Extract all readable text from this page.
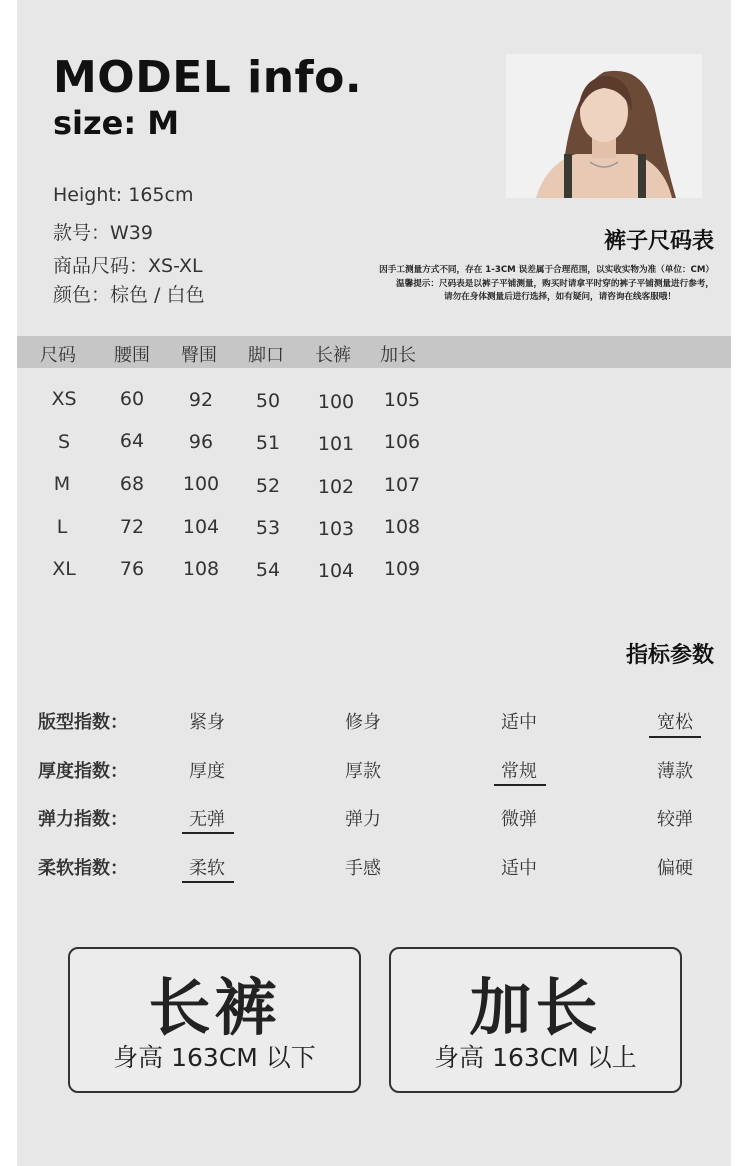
MODEL info.
size: M
Height: 165cm
款号：W39
商品尺码：XS-XL
颜色：棕色 / 白色
裤子尺码表
因手工测量方式不同，存在 1-3CM 误差属于合理范围，以实收实物为准（单位：CM）
温馨提示：尺码表是以裤子平铺测量，购买时请拿平时穿的裤子平铺测量进行参考，
请勿在身体测量后进行选择，如有疑问，请咨询在线客服哦！
尺码 腰围 臀围 脚口 长裤 加长
XS	60	92	50	100	105
S	64	96	51	101	106
M	68	100	52	102	107
L	72	104	53	103	108
XL	76	108	54	104	109
指标参数
版型指数：	紧身	修身	适中	宽松
厚度指数：	厚度	厚款	常规	薄款
弹力指数：	无弹	弹力	微弹	较弹
柔软指数：	柔软	手感	适中	偏硬
长裤
身高 163CM 以下
加长
身高 163CM 以上
